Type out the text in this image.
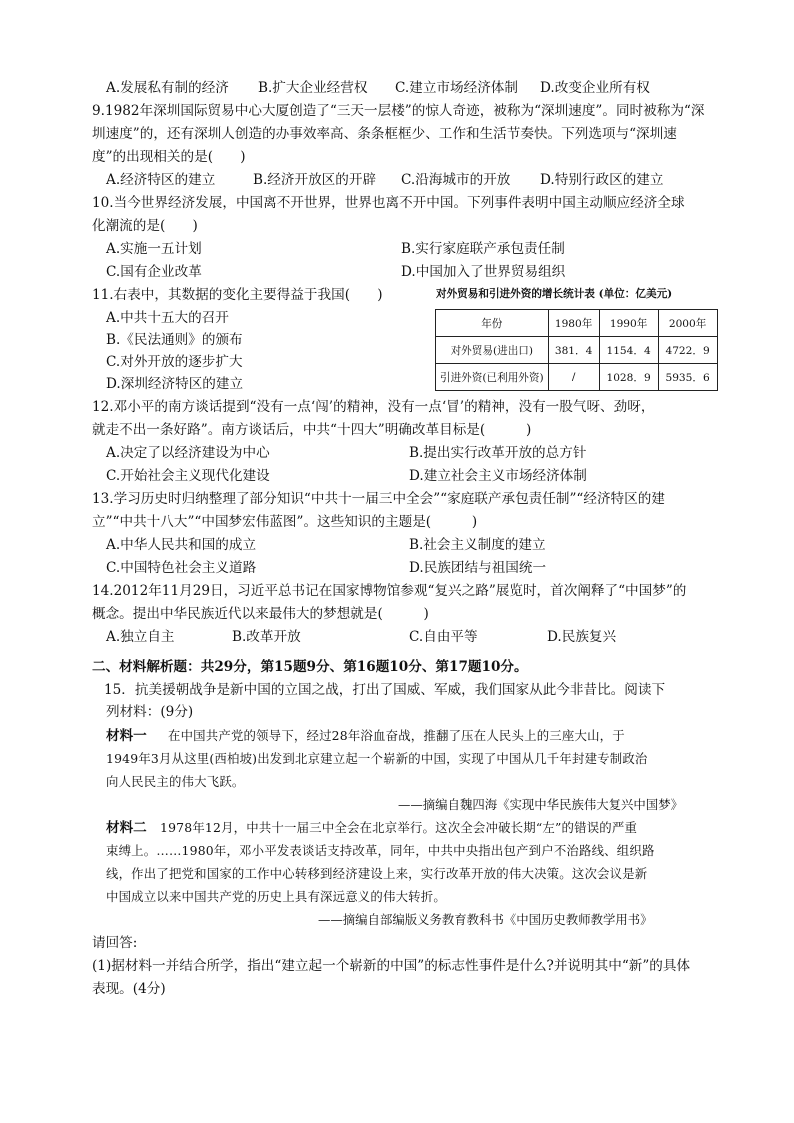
A.发展私有制的经济 B.扩大企业经营权 C.建立市场经济体制 D.改变企业所有权
9.1982年深圳国际贸易中心大厦创造了“三天一层楼”的惊人奇迹，被称为“深圳速度”。同时被称为“深
圳速度”的，还有深圳人创造的办事效率高、条条框框少、工作和生活节奏快。下列选项与“深圳速
度”的出现相关的是(　　)
A.经济特区的建立	B.经济开放区的开辟 C.沿海城市的开放 D.特别行政区的建立
10.当今世界经济发展，中国离不开世界，世界也离不开中国。下列事件表明中国主动顺应经济全球
化潮流的是(　　)
A.实施一五计划	B.实行家庭联产承包责任制
C.国有企业改革	D.中国加入了世界贸易组织
11.右表中，其数据的变化主要得益于我国(　　)
A.中共十五大的召开
B.《民法通则》的颁布
C.对外开放的逐步扩大
D.深圳经济特区的建立
对外贸易和引进外资的增长统计表 (单位：亿美元)
年份	1980年	1990年	2000年
对外贸易(进出口)	381．4	1154．4	4722．9
引进外资(已利用外资)	/	1028．9	5935．6
12.邓小平的南方谈话提到“没有一点‘闯’的精神，没有一点‘冒’的精神，没有一股气呀、劲呀，
就走不出一条好路”。南方谈话后，中共“十四大”明确改革目标是(　　　)
A.决定了以经济建设为中心	B.提出实行改革开放的总方针
C.开始社会主义现代化建设	D.建立社会主义市场经济体制
13.学习历史时归纳整理了部分知识“中共十一届三中全会”“家庭联产承包责任制”“经济特区的建
立”“中共十八大”“中国梦宏伟蓝图”。这些知识的主题是(　　　)
A.中华人民共和国的成立	B.社会主义制度的建立
C.中国特色社会主义道路	D.民族团结与祖国统一
14.2012年11月29日，习近平总书记在国家博物馆参观“复兴之路”展览时，首次阐释了“中国梦”的
概念。提出中华民族近代以来最伟大的梦想就是(　　　)
A.独立自主	B.改革开放	C.自由平等	D.民族复兴
二、材料解析题：共29分，第15题9分、第16题10分、第17题10分。
15．抗美援朝战争是新中国的立国之战，打出了国威、军威，我们国家从此今非昔比。阅读下
列材料：(9分)
材料一 在中国共产党的领导下，经过28年浴血奋战，推翻了压在人民头上的三座大山，于
1949年3月从这里(西柏坡)出发到北京建立起一个崭新的中国，实现了中国从几千年封建专制政治
向人民民主的伟大飞跃。
——摘编自魏四海《实现中华民族伟大复兴中国梦》
材料二 1978年12月，中共十一届三中全会在北京举行。这次全会冲破长期“左”的错误的严重
束缚上。……1980年，邓小平发表谈话支持改革，同年，中共中央指出包产到户不治路线、组织路
线，作出了把党和国家的工作中心转移到经济建设上来，实行改革开放的伟大决策。这次会议是新
中国成立以来中国共产党的历史上具有深远意义的伟大转折。
——摘编自部编版义务教育教科书《中国历史教师教学用书》
请回答:
(1)据材料一并结合所学，指出“建立起一个崭新的中国”的标志性事件是什么?并说明其中“新”的具体
表现。(4分)
